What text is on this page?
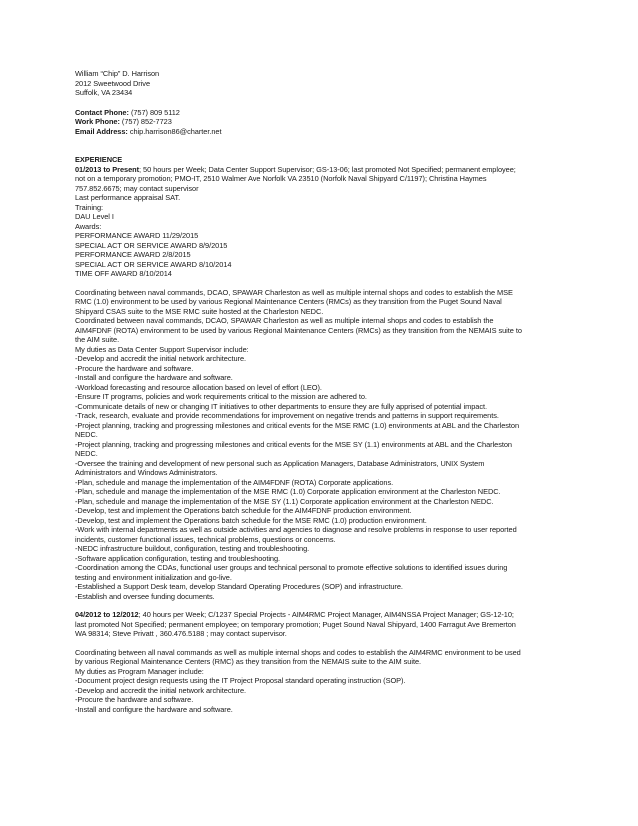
William “Chip” D. Harrison
2012 Sweetwood Drive
Suffolk, VA 23434
Contact Phone: (757) 809 5112
Work Phone: (757) 852-7723
Email Address: chip.harrison86@charter.net
EXPERIENCE
01/2013 to Present; 50 hours per Week; Data Center Support Supervisor; GS-13-06; last promoted Not Specified; permanent employee;
not on a temporary promotion; PMO-IT, 2510 Walmer Ave Norfolk VA 23510 (Norfolk Naval Shipyard C/1197); Christina Haymes
757.852.6675; may contact supervisor
Last performance appraisal SAT.
Training:
DAU Level I
Awards:
PERFORMANCE AWARD 11/29/2015
SPECIAL ACT OR SERVICE AWARD 8/9/2015
PERFORMANCE AWARD 2/8/2015
SPECIAL ACT OR SERVICE AWARD 8/10/2014
TIME OFF AWARD 8/10/2014
Coordinating between naval commands, DCAO, SPAWAR Charleston as well as multiple internal shops and codes to establish the MSE
RMC (1.0) environment to be used by various Regional Maintenance Centers (RMCs) as they transition from the Puget Sound Naval
Shipyard CSAS suite to the MSE RMC suite hosted at the Charleston NEDC.
Coordinated between naval commands, DCAO, SPAWAR Charleston as well as multiple internal shops and codes to establish the
AIM4FDNF (ROTA) environment to be used by various Regional Maintenance Centers (RMCs) as they transition from the NEMAIS suite to
the AIM suite.
My duties as Data Center Support Supervisor include:
-Develop and accredit the initial network architecture.
-Procure the hardware and software.
-Install and configure the hardware and software.
-Workload forecasting and resource allocation based on level of effort (LEO).
-Ensure IT programs, policies and work requirements critical to the mission are adhered to.
-Communicate details of new or changing IT initiatives to other departments to ensure they are fully apprised of potential impact.
-Track, research, evaluate and provide recommendations for improvement on negative trends and patterns in support requirements.
-Project planning, tracking and progressing milestones and critical events for the MSE RMC (1.0) environments at ABL and the Charleston
NEDC.
-Project planning, tracking and progressing milestones and critical events for the MSE SY (1.1) environments at ABL and the Charleston
NEDC.
-Oversee the training and development of new personal such as Application Managers, Database Administrators, UNIX System
Administrators and Windows Administrators.
-Plan, schedule and manage the implementation of the AIM4FDNF (ROTA) Corporate applications.
-Plan, schedule and manage the implementation of the MSE RMC (1.0) Corporate application environment at the Charleston NEDC.
-Plan, schedule and manage the implementation of the MSE SY (1.1) Corporate application environment at the Charleston NEDC.
-Develop, test and implement the Operations batch schedule for the AIM4FDNF production environment.
-Develop, test and implement the Operations batch schedule for the MSE RMC (1.0) production environment.
-Work with internal departments as well as outside activities and agencies to diagnose and resolve problems in response to user reported
incidents, customer functional issues, technical problems, questions or concerns.
-NEDC infrastructure buildout, configuration, testing and troubleshooting.
-Software application configuration, testing and troubleshooting.
-Coordination among the CDAs, functional user groups and technical personal to promote effective solutions to identified issues during
testing and environment initialization and go-live.
-Established a Support Desk team, develop Standard Operating Procedures (SOP) and infrastructure.
-Establish and oversee funding documents.
04/2012 to 12/2012; 40 hours per Week; C/1237 Special Projects - AIM4RMC Project Manager, AIM4NSSA Project Manager; GS-12-10;
last promoted Not Specified; permanent employee; on temporary promotion; Puget Sound Naval Shipyard, 1400 Farragut Ave Bremerton
WA 98314; Steve Privatt , 360.476.5188 ; may contact supervisor.
Coordinating between all naval commands as well as multiple internal shops and codes to establish the AIM4RMC environment to be used
by various Regional Maintenance Centers (RMC) as they transition from the NEMAIS suite to the AIM suite.
My duties as Program Manager include:
-Document project design requests using the IT Project Proposal standard operating instruction (SOP).
-Develop and accredit the initial network architecture.
-Procure the hardware and software.
-Install and configure the hardware and software.
